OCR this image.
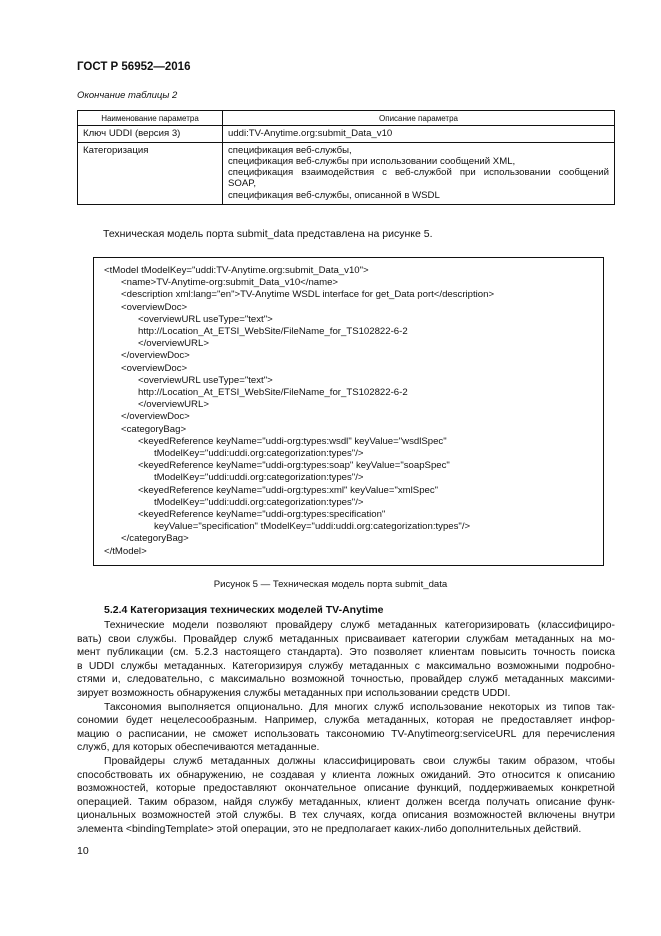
ГОСТ Р 56952—2016
Окончание таблицы 2
Наименование параметра	Описание параметра
Ключ UDDI (версия 3)	uddi:TV-Anytime.org:submit_Data_v10

Категоризация	спецификация веб-службы,
спецификация веб-службы при использовании сообщений XML,
спецификация взаимодействия с веб-службой при использовании сообщений
SOAP,
спецификация веб-службы, описанной в WSDL
Техническая модель порта submit_data представлена на рисунке 5.
<tModel tModelKey="uddi:TV-Anytime.org:submit_Data_v10">
<name>TV-Anytime-org:submit_Data_v10</name>
<description xml:lang="en">TV-Anytime WSDL interface for get_Data port</description>
<overviewDoc>
<overviewURL useType="text">
http://Location_At_ETSI_WebSite/FileName_for_TS102822-6-2
</overviewURL>
</overviewDoc>
<overviewDoc>
<overviewURL useType="text">
http://Location_At_ETSI_WebSite/FileName_for_TS102822-6-2
</overviewURL>
</overviewDoc>
<categoryBag>
<keyedReference keyName="uddi-org:types:wsdl" keyValue="wsdlSpec"
tModelKey="uddi:uddi.org:categorization:types"/>
<keyedReference keyName="uddi-org:types:soap" keyValue="soapSpec"
tModelKey="uddi:uddi.org:categorization:types"/>
<keyedReference keyName="uddi-org:types:xml" keyValue="xmlSpec"
tModelKey="uddi:uddi.org:categorization:types"/>
<keyedReference keyName="uddi-org:types:specification"
keyValue="specification" tModelKey="uddi:uddi.org:categorization:types"/>
</categoryBag>
</tModel>
Рисунок 5 — Техническая модель порта submit_data
5.2.4 Категоризация технических моделей TV-Anytime
Технические модели позволяют провайдеру служб метаданных категоризировать (классифициро-
вать) свои службы. Провайдер служб метаданных присваивает категории службам метаданных на мо-
мент публикации (см. 5.2.3 настоящего стандарта). Это позволяет клиентам повысить точность поиска
в UDDI службы метаданных. Категоризируя службу метаданных с максимально возможными подробно-
стями и, следовательно, с максимально возможной точностью, провайдер служб метаданных максими-
зирует возможность обнаружения службы метаданных при использовании средств UDDI.
Таксономия выполняется опционально. Для многих служб использование некоторых из типов так-
сономии будет нецелесообразным. Например, служба метаданных, которая не предоставляет инфор-
мацию о расписании, не сможет использовать таксономию TV-Anytimeorg:serviceURL для перечисления
служб, для которых обеспечиваются метаданные.
Провайдеры служб метаданных должны классифицировать свои службы таким образом, чтобы
способствовать их обнаружению, не создавая у клиента ложных ожиданий. Это относится к описанию
возможностей, которые предоставляют окончательное описание функций, поддерживаемых конкретной
операцией. Таким образом, найдя службу метаданных, клиент должен всегда получать описание функ-
циональных возможностей этой службы. В тех случаях, когда описания возможностей включены внутри
элемента <bindingTemplate> этой операции, это не предполагает каких-либо дополнительных действий.
10
